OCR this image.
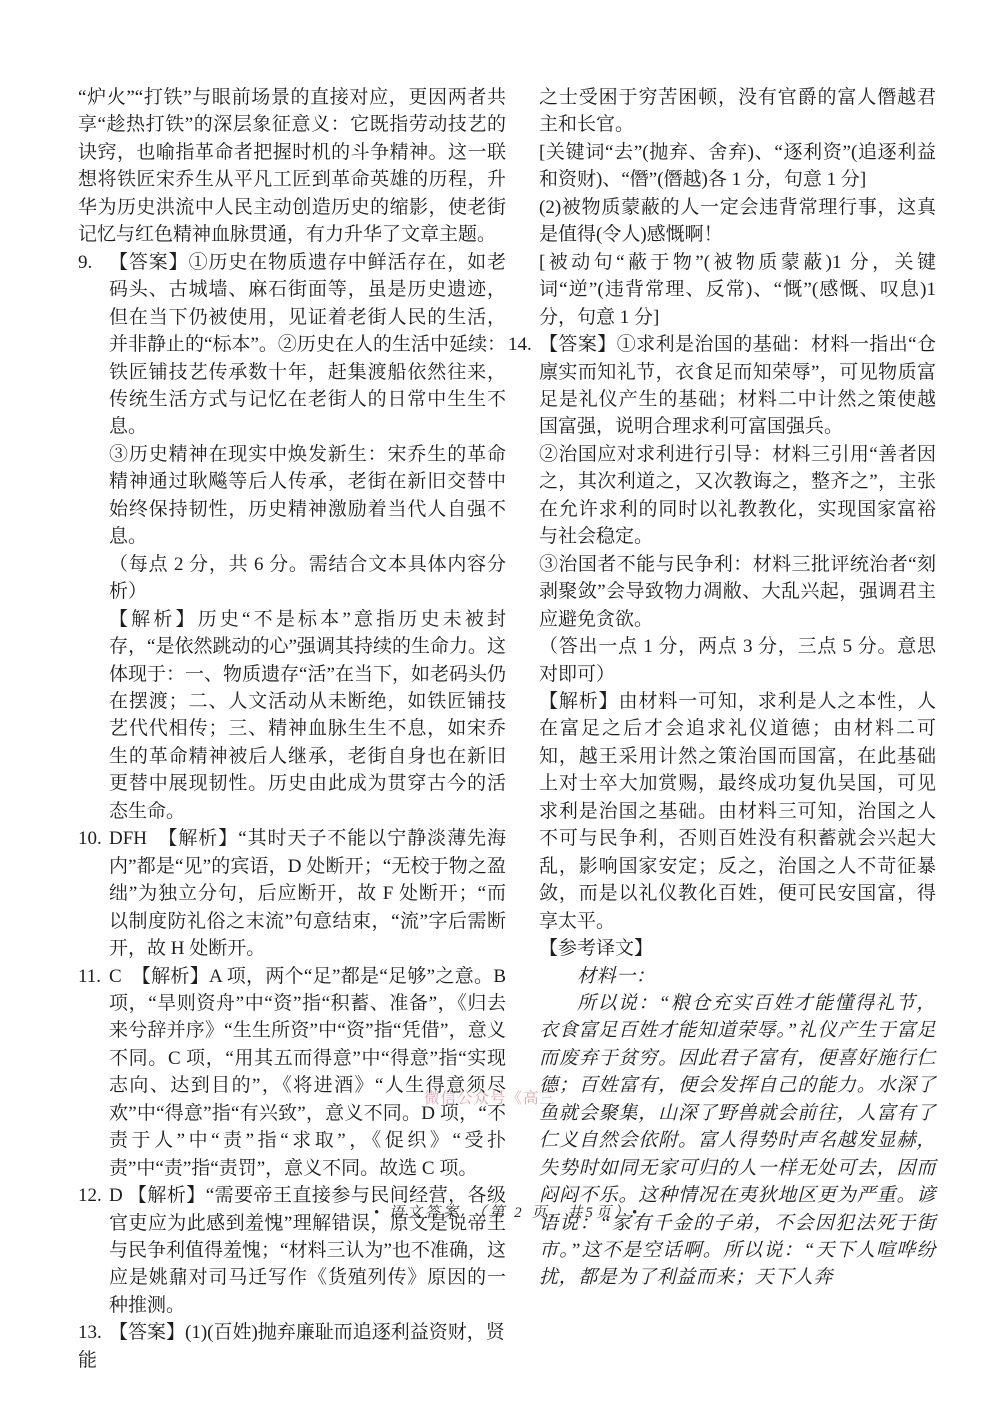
“炉火”“打铁”与眼前场景的直接对应，更因两者共享“趁热打铁”的深层象征意义：它既指劳动技艺的诀窍，也喻指革命者把握时机的斗争精神。这一联想将铁匠宋乔生从平凡工匠到革命英雄的历程，升华为历史洪流中人民主动创造历史的缩影，使老街记忆与红色精神血脉贯通，有力升华了文章主题。
9. 【答案】①历史在物质遗存中鲜活存在，如老码头、古城墙、麻石街面等，虽是历史遗迹，但在当下仍被使用，见证着老街人民的生活，并非静止的“标本”。②历史在人的生活中延续：铁匠铺技艺传承数十年，赶集渡船依然往来，传统生活方式与记忆在老街人的日常中生生不息。
③历史精神在现实中焕发新生：宋乔生的革命精神通过耿飚等后人传承，老街在新旧交替中始终保持韧性，历史精神激励着当代人自强不息。
（每点 2 分，共 6 分。需结合文本具体内容分析）
【解析】历史“不是标本”意指历史未被封存，“是依然跳动的心”强调其持续的生命力。这体现于：一、物质遗存“活”在当下，如老码头仍在摆渡；二、人文活动从未断绝，如铁匠铺技艺代代相传；三、精神血脉生生不息，如宋乔生的革命精神被后人继承，老街自身也在新旧更替中展现韧性。历史由此成为贯穿古今的活态生命。
10. DFH　【解析】“其时天子不能以宁静淡薄先海内”都是“见”的宾语，D 处断开；“无校于物之盈绌”为独立分句，后应断开，故 F 处断开；“而以制度防礼俗之末流”句意结束，“流”字后需断开，故 H 处断开。
11. C　【解析】A 项，两个“足”都是“足够”之意。B 项，“旱则资舟”中“资”指“积蓄、准备”，《归去来兮辞并序》“生生所资”中“资”指“凭借”，意义不同。C 项，“用其五而得意”中“得意”指“实现志向、达到目的”，《将进酒》“人生得意须尽欢”中“得意”指“有兴致”，意义不同。D 项，“不责于人”中“责”指“求取”，《促织》“受扑责”中“责”指“责罚”，意义不同。故选 C 项。
12. D 【解析】“需要帝王直接参与民间经营，各级官吏应为此感到羞愧”理解错误，原文是说帝王与民争利值得羞愧；“材料三认为”也不准确，这应是姚鼐对司马迁写作《货殖列传》原因的一种推测。
13. 【答案】(1)(百姓)抛弃廉耻而追逐利益资财，贤
能
之士受困于穷苦困顿，没有官爵的富人僭越君主和长官。
[关键词“去”(抛弃、舍弃)、“逐利资”(追逐利益和资财)、“僭”(僭越)各 1 分，句意 1 分]
(2)被物质蒙蔽的人一定会违背常理行事，这真是值得(令人)感慨啊！
[被动句“蔽于物”(被物质蒙蔽)1 分，关键词“逆”(违背常理、反常)、“慨”(感慨、叹息)1 分，句意 1 分]
14. 【答案】①求利是治国的基础：材料一指出“仓廪实而知礼节，衣食足而知荣辱”，可见物质富足是礼仪产生的基础；材料二中计然之策使越国富强，说明合理求利可富国强兵。
②治国应对求利进行引导：材料三引用“善者因之，其次利道之，又次教诲之，整齐之”，主张在允许求利的同时以礼教教化，实现国家富裕与社会稳定。
③治国者不能与民争利：材料三批评统治者“刻剥聚敛”会导致物力凋敝、大乱兴起，强调君主应避免贪欲。
（答出一点 1 分，两点 3 分，三点 5 分。意思对即可）
【解析】由材料一可知，求利是人之本性，人在富足之后才会追求礼仪道德；由材料二可知，越王采用计然之策治国而国富，在此基础上对士卒大加赏赐，最终成功复仇吴国，可见求利是治国之基础。由材料三可知，治国之人不可与民争利，否则百姓没有积蓄就会兴起大乱，影响国家安定；反之，治国之人不苛征暴敛，而是以礼仪教化百姓，便可民安国富，得享太平。
【参考译文】
材料一：
所以说：“粮仓充实百姓才能懂得礼节，衣食富足百姓才能知道荣辱。”礼仪产生于富足而废弃于贫穷。因此君子富有，便喜好施行仁德；百姓富有，便会发挥自己的能力。水深了鱼就会聚集，山深了野兽就会前往，人富有了仁义自然会依附。富人得势时声名越发显赫，失势时如同无家可归的人一样无处可去，因而闷闷不乐。这种情况在夷狄地区更为严重。谚语说：“家有千金的子弟，不会因犯法死于街市。”这不是空话啊。所以说：“天下人喧哗纷扰，都是为了利益而来；天下人奔
微信公众号《高三
• 语文答案　（第 2 页，共5页）•
